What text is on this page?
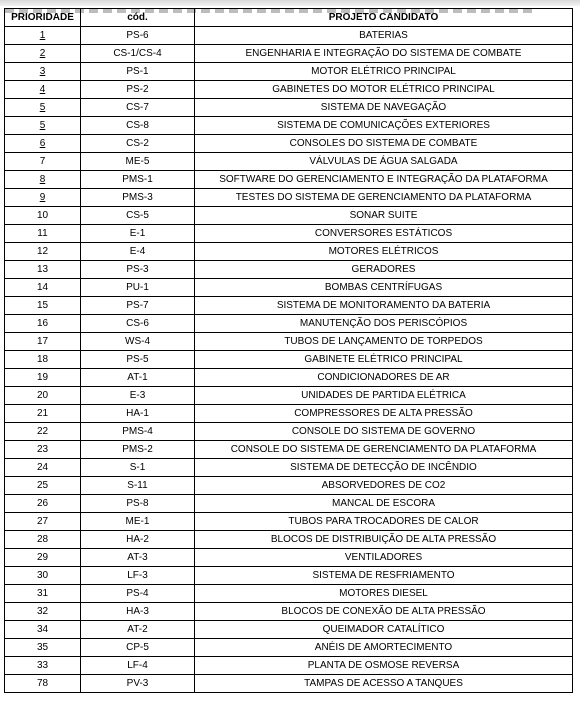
PRIORIDADE	cód.	PROJETO CANDIDATO
1	PS-6	BATERIAS
2	CS-1/CS-4	ENGENHARIA E INTEGRAÇÃO DO SISTEMA DE COMBATE
3	PS-1	MOTOR ELÉTRICO PRINCIPAL
4	PS-2	GABINETES DO MOTOR ELÉTRICO PRINCIPAL
5	CS-7	SISTEMA DE NAVEGAÇÃO
5	CS-8	SISTEMA DE COMUNICAÇÕES EXTERIORES
6	CS-2	CONSOLES DO SISTEMA DE COMBATE
7	ME-5	VÁLVULAS DE ÁGUA SALGADA
8	PMS-1	SOFTWARE DO GERENCIAMENTO E INTEGRAÇÃO DA PLATAFORMA
9	PMS-3	TESTES DO SISTEMA DE GERENCIAMENTO DA PLATAFORMA
10	CS-5	SONAR SUITE
11	E-1	CONVERSORES ESTÁTICOS
12	E-4	MOTORES ELÉTRICOS
13	PS-3	GERADORES
14	PU-1	BOMBAS CENTRÍFUGAS
15	PS-7	SISTEMA DE MONITORAMENTO DA BATERIA
16	CS-6	MANUTENÇÃO DOS PERISCÓPIOS
17	WS-4	TUBOS DE LANÇAMENTO DE TORPEDOS
18	PS-5	GABINETE ELÉTRICO PRINCIPAL
19	AT-1	CONDICIONADORES DE AR
20	E-3	UNIDADES DE PARTIDA ELÉTRICA
21	HA-1	COMPRESSORES DE ALTA PRESSÃO
22	PMS-4	CONSOLE DO SISTEMA DE GOVERNO
23	PMS-2	CONSOLE DO SISTEMA DE GERENCIAMENTO DA PLATAFORMA
24	S-1	SISTEMA DE DETECÇÃO DE INCÊNDIO
25	S-11	ABSORVEDORES DE CO2
26	PS-8	MANCAL DE ESCORA
27	ME-1	TUBOS PARA TROCADORES DE CALOR
28	HA-2	BLOCOS DE DISTRIBUIÇÃO DE ALTA PRESSÃO
29	AT-3	VENTILADORES
30	LF-3	SISTEMA DE RESFRIAMENTO
31	PS-4	MOTORES DIESEL
32	HA-3	BLOCOS DE CONEXÃO DE ALTA PRESSÃO
34	AT-2	QUEIMADOR CATALÍTICO
35	CP-5	ANÉIS DE AMORTECIMENTO
33	LF-4	PLANTA DE OSMOSE REVERSA
78	PV-3	TAMPAS DE ACESSO A TANQUES
